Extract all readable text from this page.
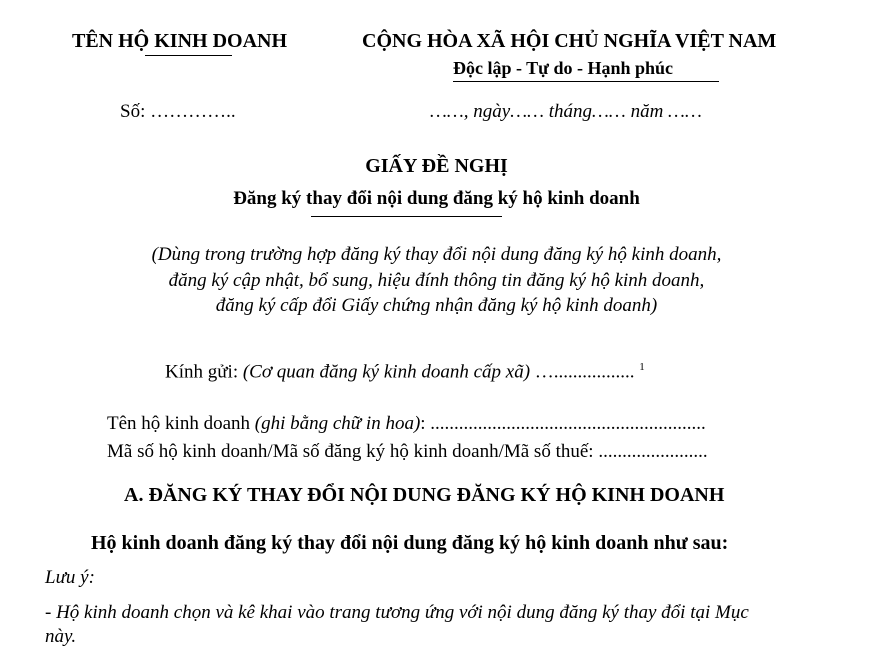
TÊN HỘ KINH DOANH	CỘNG HÒA XÃ HỘI CHỦ NGHĨA VIỆT NAM
Độc lập - Tự do - Hạnh phúc
Số: …………..	……, ngày…… tháng…… năm ……
GIẤY ĐỀ NGHỊ
Đăng ký thay đổi nội dung đăng ký hộ kinh doanh
(Dùng trong trường hợp đăng ký thay đổi nội dung đăng ký hộ kinh doanh,
đăng ký cập nhật, bổ sung, hiệu đính thông tin đăng ký hộ kinh doanh,
đăng ký cấp đổi Giấy chứng nhận đăng ký hộ kinh doanh)
Kính gửi: (Cơ quan đăng ký kinh doanh cấp xã) …................. $^1$
Tên hộ kinh doanh (ghi bằng chữ in hoa): ..........................................................
Mã số hộ kinh doanh/Mã số đăng ký hộ kinh doanh/Mã số thuế: .......................
A. ĐĂNG KÝ THAY ĐỔI NỘI DUNG ĐĂNG KÝ HỘ KINH DOANH
Hộ kinh doanh đăng ký thay đổi nội dung đăng ký hộ kinh doanh như sau:
Lưu ý:
- Hộ kinh doanh chọn và kê khai vào trang tương ứng với nội dung đăng ký thay đổi tại Mục
này.
